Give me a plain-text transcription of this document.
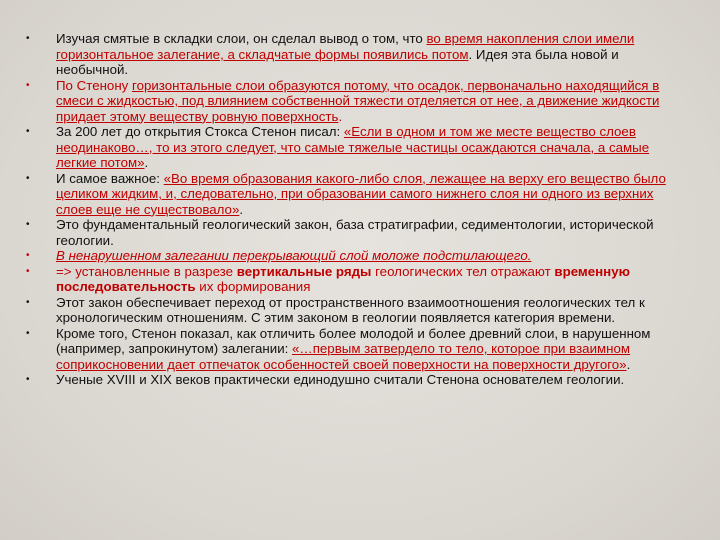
• Изучая смятые в складки слои, он сделал вывод о том, что во время накопления слои имели горизонтальное залегание, а складчатые формы появились потом. Идея эта была новой и необычной.
• По Стенону горизонтальные слои образуются потому, что осадок, первоначально находящийся в смеси с жидкостью, под влиянием собственной тяжести отделяется от нее, а движение жидкости придает этому веществу ровную поверхность.
• За 200 лет до открытия Стокса Стенон писал: «Если в одном и том же месте вещество слоев неодинаково…, то из этого следует, что самые тяжелые частицы осаждаются сначала, а самые легкие потом».
• И самое важное: «Во время образования какого-либо слоя, лежащее на верху его вещество было целиком жидким, и, следовательно, при образовании самого нижнего слоя ни одного из верхних слоев еще не существовало».
• Это фундаментальный геологический закон, база стратиграфии, седиментологии, исторической геологии.
• В ненарушенном залегании перекрывающий слой моложе подстилающего.
• => установленные в разрезе вертикальные ряды геологических тел отражают временную последовательность их формирования
• Этот закон обеспечивает переход от пространственного взаимоотношения геологических тел к хронологическим отношениям. С этим законом в геологии появляется категория времени.
• Кроме того, Стенон показал, как отличить более молодой и более древний слои, в нарушенном (например, запрокинутом) залегании: «…первым затвердело то тело, которое при взаимном соприкосновении дает отпечаток особенностей своей поверхности на поверхности другого».
• Ученые XVIII и XIX веков практически единодушно считали Стенона основателем геологии.
